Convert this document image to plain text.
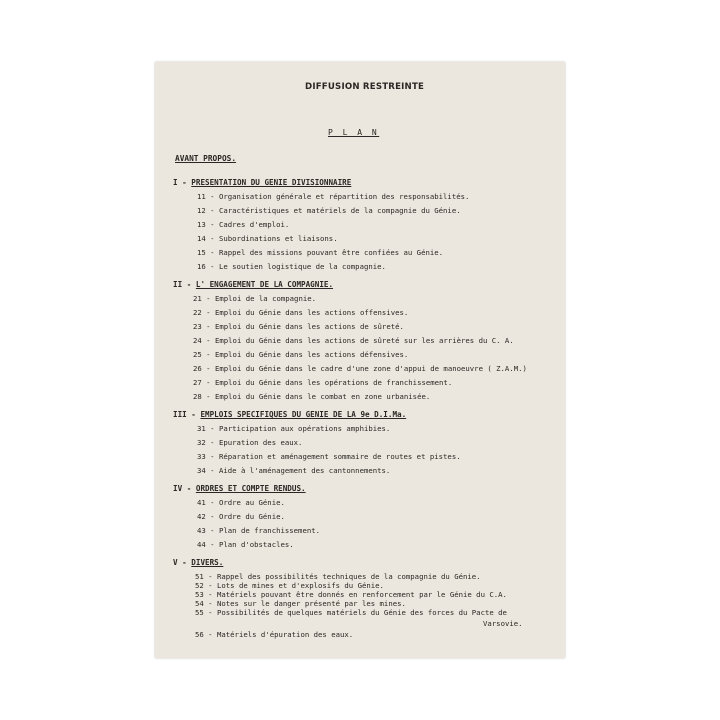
DIFFUSION RESTREINTE
P L A N
AVANT PROPOS.
I - PRESENTATION DU GENIE DIVISIONNAIRE
11 - Organisation générale et répartition des responsabilités.
12 - Caractéristiques et matériels de la compagnie du Génie.
13 - Cadres d'emploi.
14 - Subordinations et liaisons.
15 - Rappel des missions pouvant être confiées au Génie.
16 - Le soutien logistique de la compagnie.
II - L' ENGAGEMENT DE LA COMPAGNIE.
21 - Emploi de la compagnie.
22 - Emploi du Génie dans les actions offensives.
23 - Emploi du Génie dans les actions de sûreté.
24 - Emploi du Génie dans les actions de sûreté sur les arrières du C. A.
25 - Emploi du Génie dans les actions défensives.
26 - Emploi du Génie dans le cadre d'une zone d'appui de manoeuvre ( Z.A.M.)
27 - Emploi du Génie dans les opérations de franchissement.
28 - Emploi du Génie dans le combat en zone urbanisée.
III - EMPLOIS SPECIFIQUES DU GENIE DE LA 9e D.I.Ma.
31 - Participation aux opérations amphibies.
32 - Epuration des eaux.
33 - Réparation et aménagement sommaire de routes et pistes.
34 - Aide à l'aménagement des cantonnements.
IV - ORDRES ET COMPTE RENDUS.
41 - Ordre au Génie.
42 - Ordre du Génie.
43 - Plan de franchissement.
44 - Plan d'obstacles.
V - DIVERS.
51 - Rappel des possibilités techniques de la compagnie du Génie.
52 - Lots de mines et d'explosifs du Génie.
53 - Matériels pouvant être donnés en renforcement par le Génie du C.A.
54 - Notes sur le danger présenté par les mines.
55 - Possibilités de quelques matériels du Génie des forces du Pacte de
Varsovie.
56 - Matériels d'épuration des eaux.
